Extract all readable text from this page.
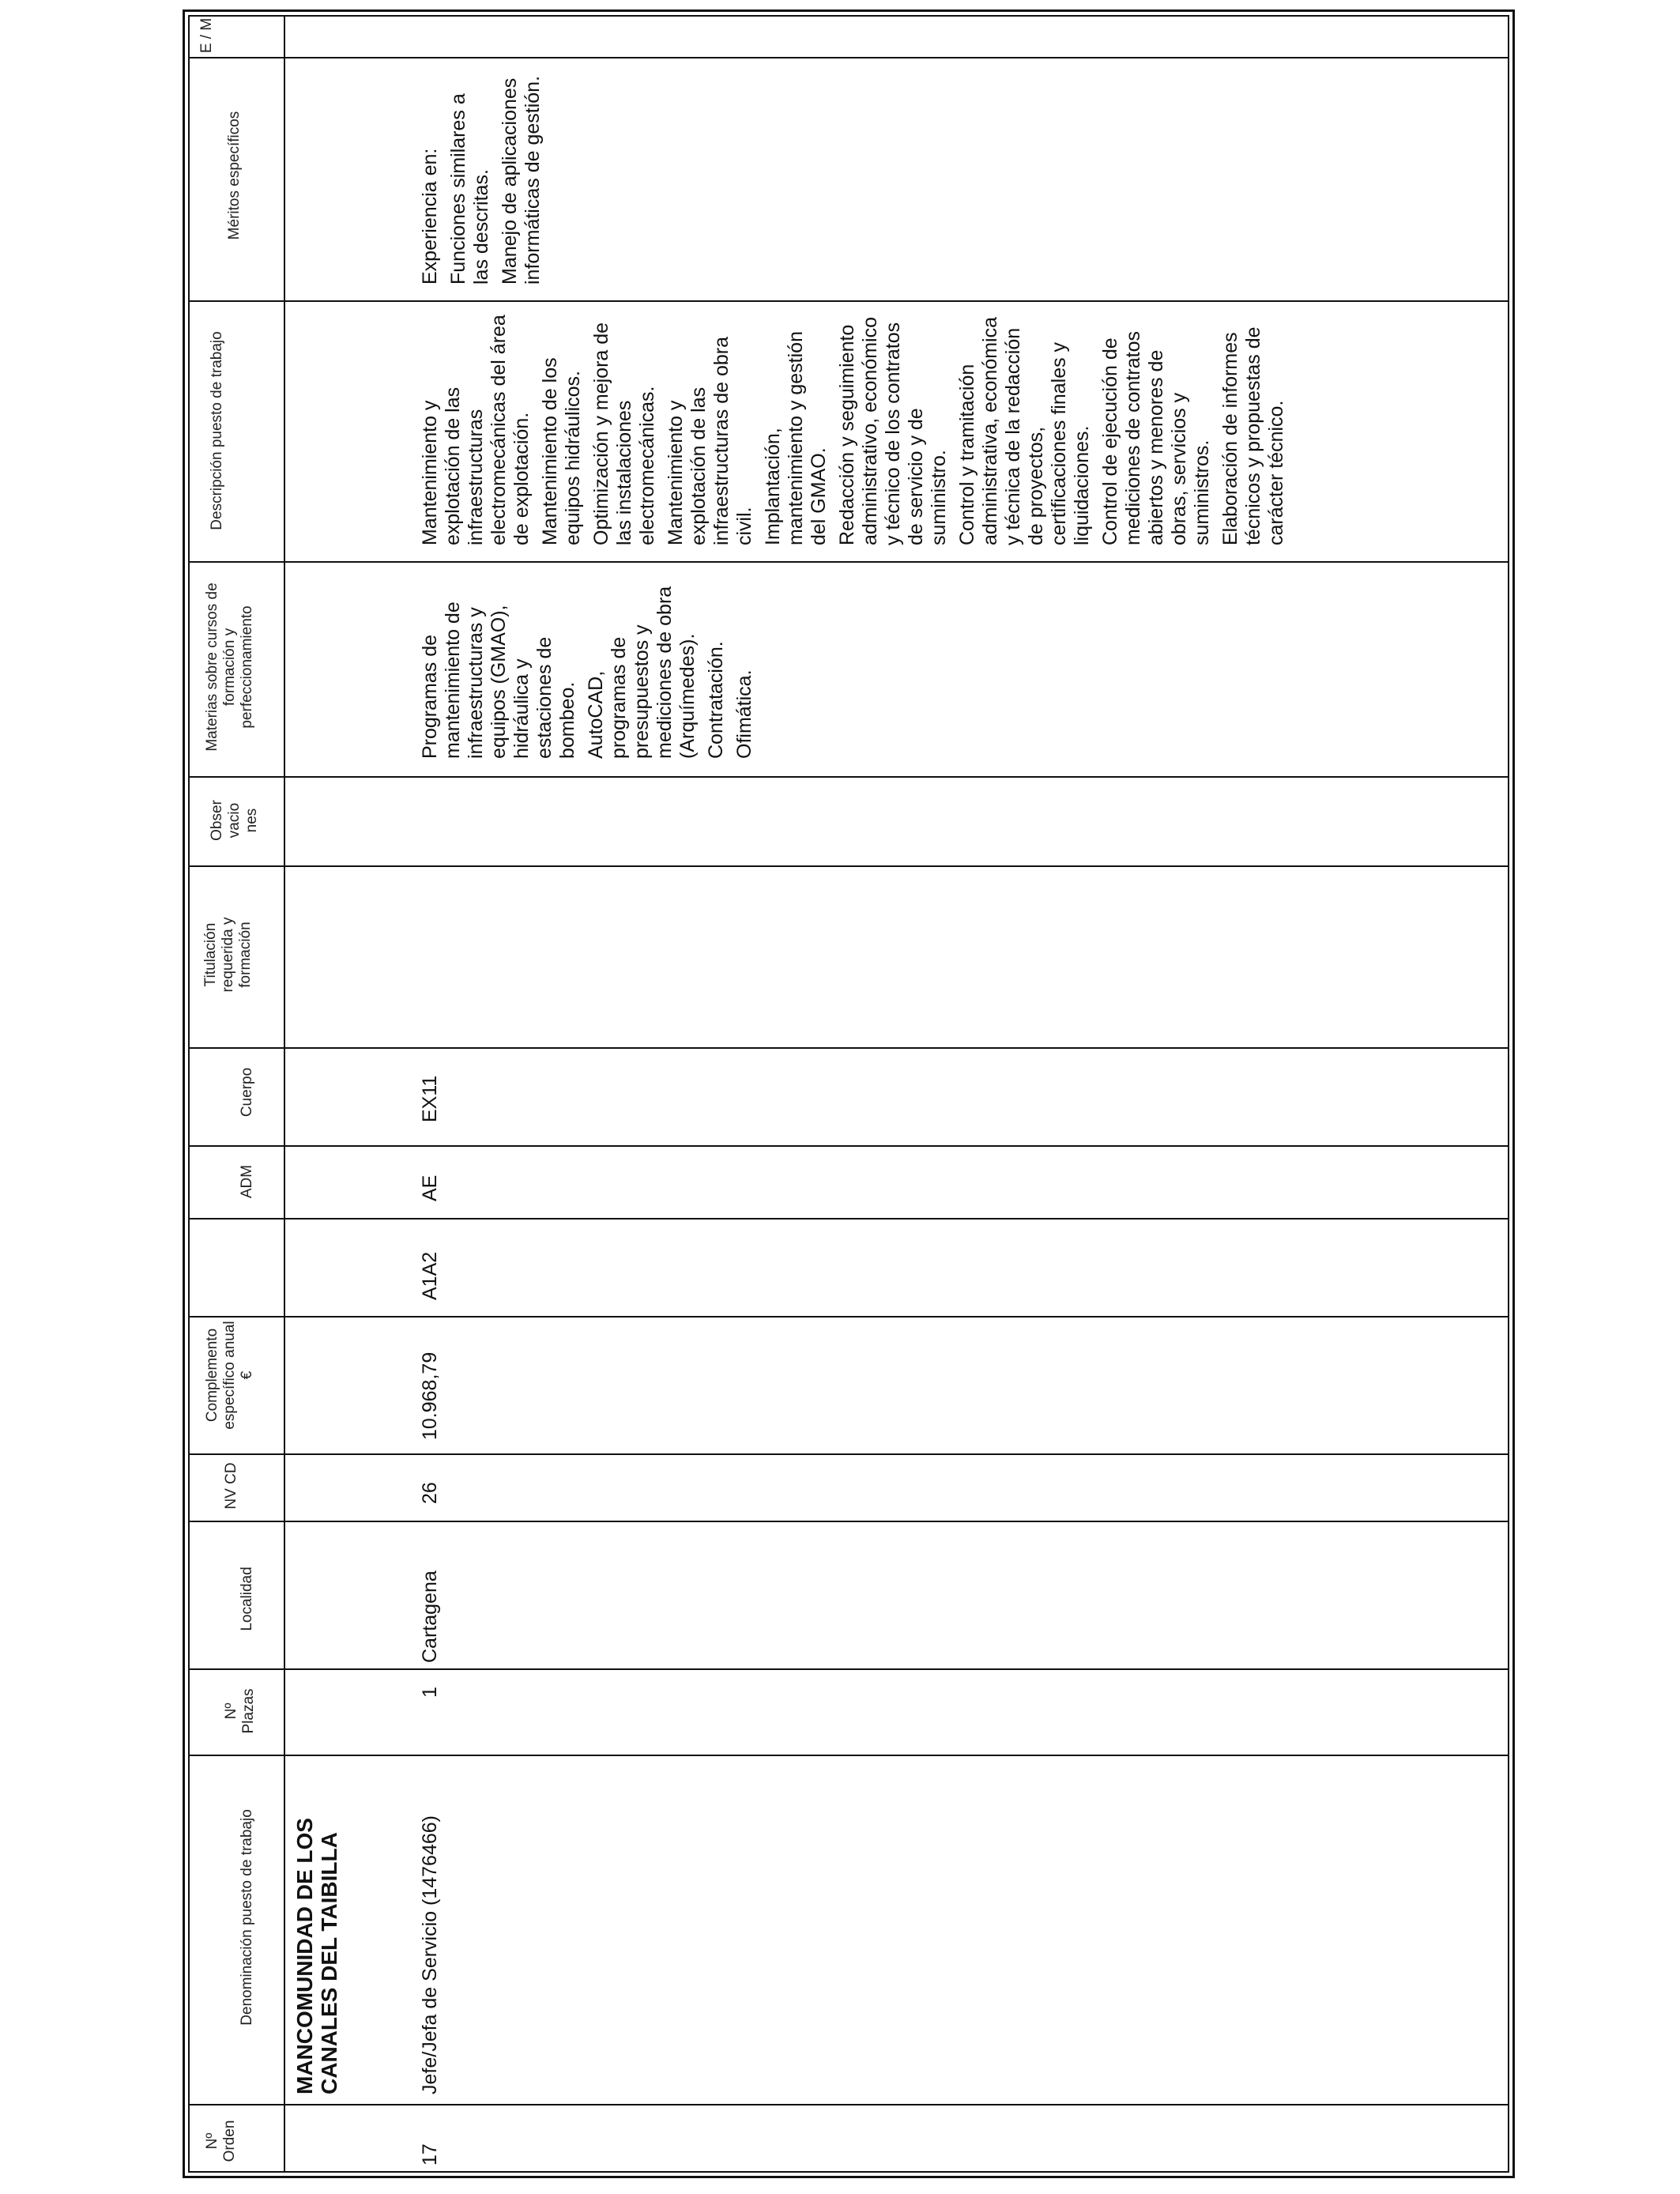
E / M
Méritos específicos
Descripción puesto de trabajo
Materias sobre cursos de formación y perfeccionamiento
Obser vacio nes
Titulación requerida y formación
Cuerpo
ADM
Complemento específico anual €
NV CD
Localidad
Nº Plazas
Denominación puesto de trabajo
Nº Orden
MANCOMUNIDAD DE LOS CANALES DEL TAIBILLA	Jefe/Jefa de Servicio (1476466)
17
1
Cartagena
26
10.968,79
A1A2
AE
EX11

Programas de mantenimiento de infraestructuras y equipos (GMAO), hidráulica y estaciones de bombeo. AutoCAD, programas de presupuestos y mediciones de obra (Arquímedes). Contratación. Ofimática.

Mantenimiento y explotación de las infraestructuras electromecánicas del área de explotación. Mantenimiento de los equipos hidráulicos. Optimización y mejora de las instalaciones electromecánicas. Mantenimiento y explotación de las infraestructuras de obra civil. Implantación, mantenimiento y gestión del GMAO. Redacción y seguimiento administrativo, económico y técnico de los contratos de servicio y de suministro. Control y tramitación administrativa, económica y técnica de la redacción de proyectos, certificaciones finales y liquidaciones. Control de ejecución de mediciones de contratos abiertos y menores de obras, servicios y suministros. Elaboración de informes técnicos y propuestas de carácter técnico.

Experiencia en: Funciones similares a las descritas. Manejo de aplicaciones informáticas de gestión.
